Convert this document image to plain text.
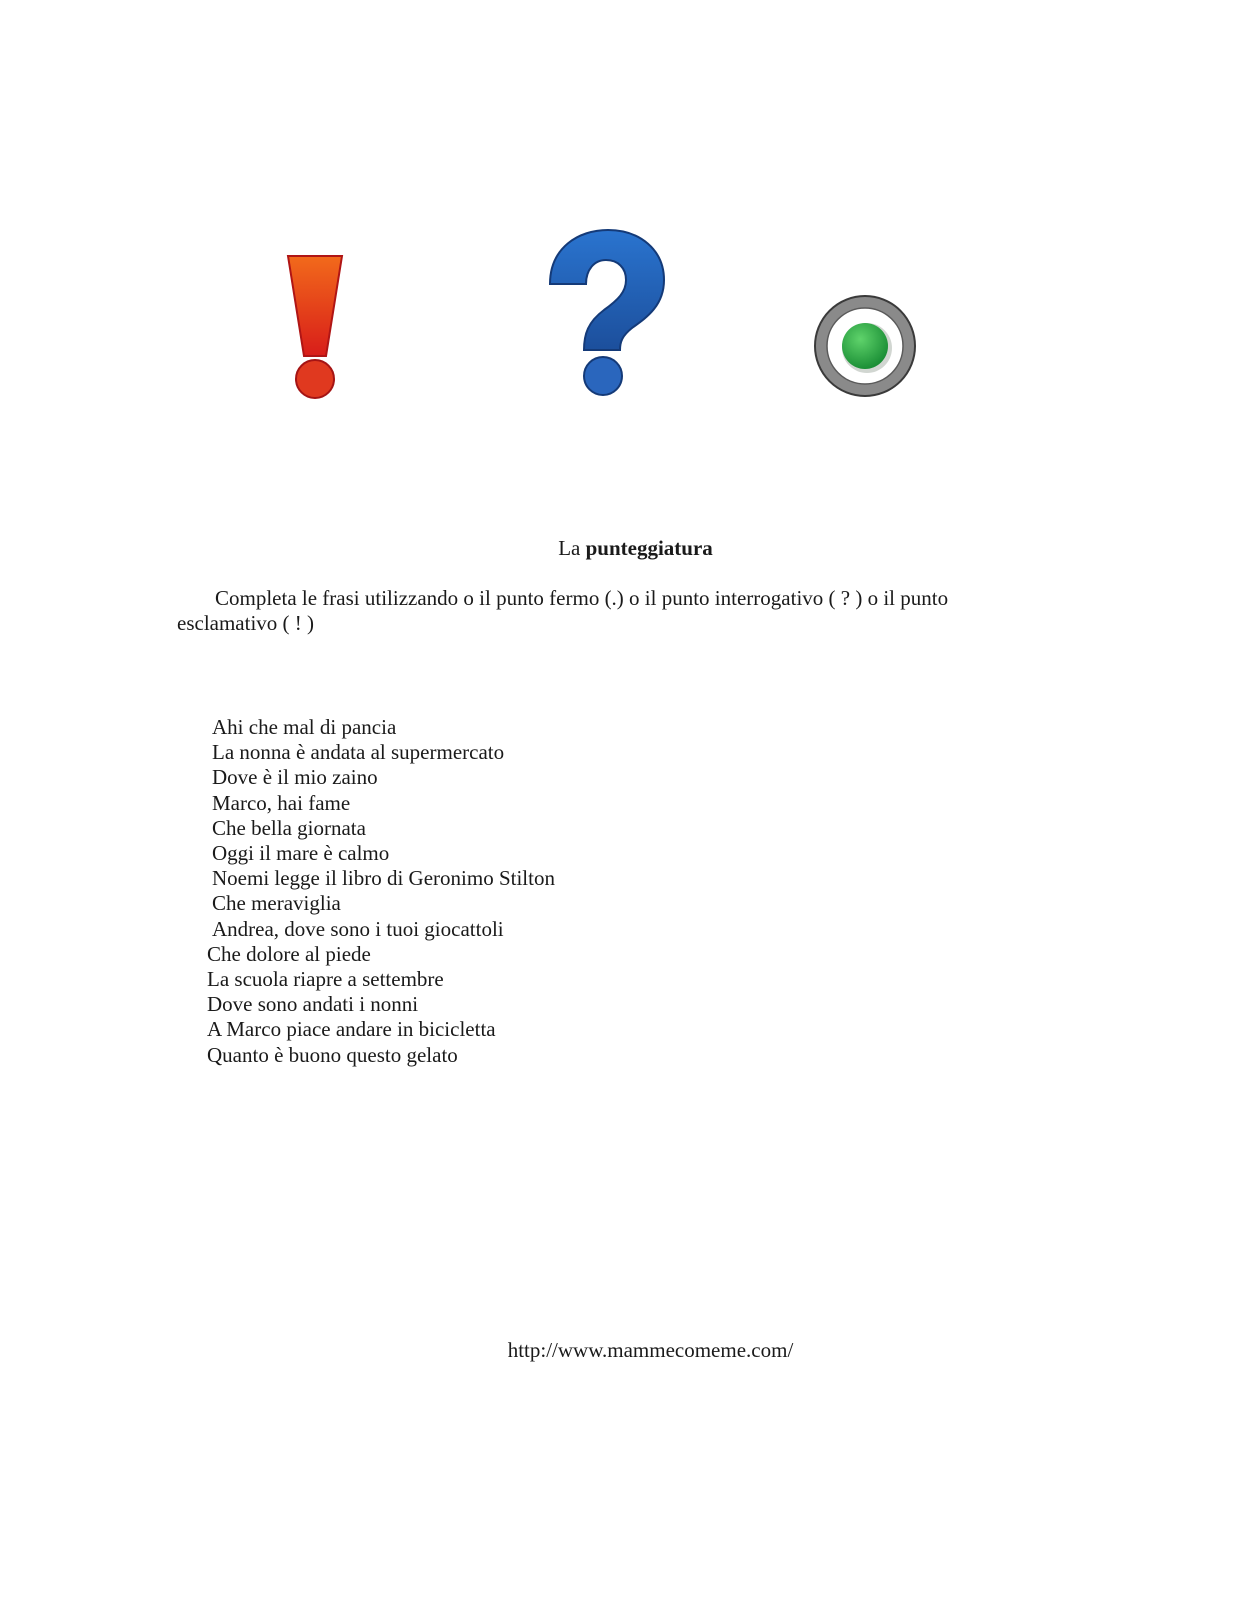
La punteggiatura
Completa le frasi utilizzando o il punto fermo (.) o il punto interrogativo ( ? ) o il punto esclamativo ( ! )
Ahi che mal di pancia
La nonna è andata al supermercato
Dove è il mio zaino
Marco, hai fame
Che bella giornata
Oggi il mare è calmo
Noemi legge il libro di Geronimo Stilton
Che meraviglia
Andrea, dove sono i tuoi giocattoli
Che dolore al piede
La scuola riapre a settembre
Dove sono andati i nonni
A Marco piace andare in bicicletta
Quanto è buono questo gelato
http://www.mammecomeme.com/
